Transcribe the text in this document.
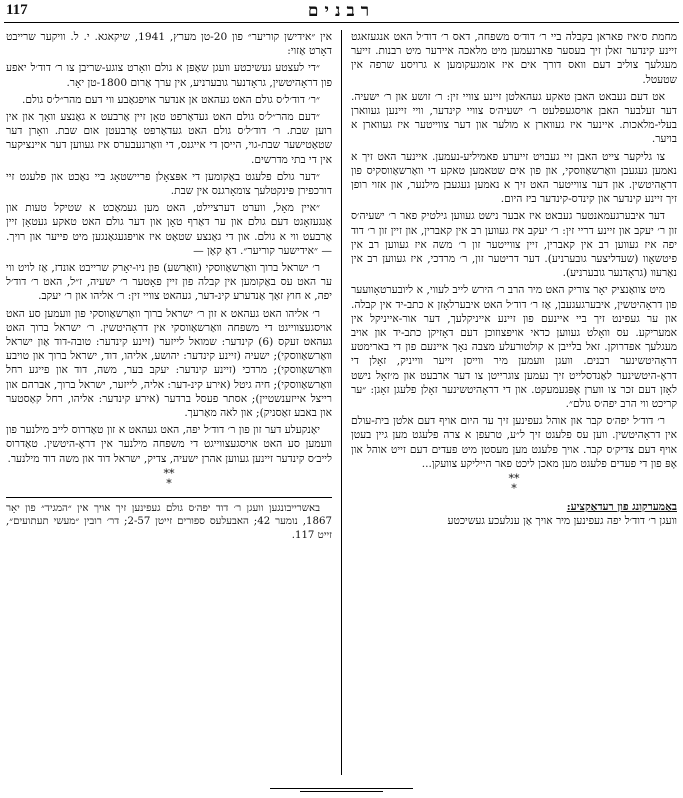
117	רבנים

מחמת ס׳איז פאראן בקבלה ביי ר׳ דוד׳ס משפחה, דאס ר׳ דוד׳ל האט אנגעזאגט זיינע קינדער זאלן זיך בעסער פארנעמען מיט מלאכה איידער מיט רבנות. זייער מעגלעך צוליב דעם וואס דורך אים איז אומגעקומען א גרויסע שרפה אין שטעטל.

אט דעם געבאט האבן טאקע געהאלטן זיינע צוויי זין: ר׳ זושע און ר׳ ישעיה. דער זעלבער האבן אויסגעפלעט ר׳ ישעיה׳ס צוויי קינדער, וויי זיינען געווארן בעלי-מלאכות. איינער איז געווארן א מולער און דער צווייטער איז געווארן א בויער.

צו גליקער צייט האבן זיי געבויט זייערע פאמיליע-נעמען. איינער האט זיך א נאמען געגעבן וואַרשאַווסקי, און פון אים שטאמען טאקע די וואַרשאַווסקיס פון דראָהיטשין. און דער צווייטער האט זיך א נאמען געגעבן מילנער, און אזוי רופן זיך זיינע קינדער און קינדס-קינדער ביז היום.

דער איבערגעמאנטער געבאט איז אבער נישט געווען גילטיק פאר ר׳ ישעיה׳ס זון ר׳ יעקב און זיינע דריי זין: ר׳ יעקב איז געווען רב אין קאברין, און זיין זון ר׳ דוד יפה איז געווען רב אין קאברין, זיין צווייטער זון ר׳ משה איז געווען רב אין פיטשאָוו (שעדליצער גובערניע). דער דריטער זון, ר׳ מרדכי, איז געווען רב אין נאַרעוו (גראָדנער גובערניע).

מיט צוואַנציק יאָר צוריק האט מיר הרב ר׳ הירש לייב לעווי, א ליובערטאָוועער פון דראָהיטשין, איבערגעגעבן, אַז ר׳ דוד׳ל האט איבערלאָזן א כתב-יד אין קבלה. און ער געפינט זיך ביי איינעם פון זיינע אייניקלעך, דער אור-אייניקל אין אמעריקע. עס וואָלט געווען כדאי אויפצוזוכן דעם דאָזיקן כתב-יד און אויב מעגלעך אפדרוקן. זאל בלייבן א קולטורעלע מצבה נאָך איינעם פון די בארימטע דראָהיטשינער רבנים. וועגן וועמען מיר ווייסן זייער ווייניק, זאָלן די דראָ-היטשינער לאַנדסלייט זיך נעמען צוגרייטן צו דער ארבעט און מ׳זאָל נישט לאָזן דעם זכר צו ווערן אָפּגעמעקט. און די דראָהיטשינער זאָלן פלעגן זאָגן: ״ער קריכט ווי הרב יפה׳ס גולם״.

ר׳ דוד׳ל יפה׳ס קבר און אוהל געפינען זיך עד היום אויף דעם אלטן בית-עולם אין דראָהיטשין. ווען עס פלעגט זיך ל״ע, טרעפן א צרה פלעגט מען גיין בעטן אויף דעם צדיק׳ס קבר. אויך פלעגט מען מעסטן מיט פעדים דעם זייט אוהל און אָפּ פון די פעדים פלעגט מען מאכן ליכט פאר הייליקע צוועקן...

**
*
באַמערקונג פון רעדאַקציע:

וועגן ר׳ דוד׳ל יפה געפינען מיר אויך אַן ענלעכע געשיכטע

אין ״אידישן קוריער״ פון 20-טן מערץ, 1941, שיקאגא. י. ל. וויקער שרייבט דאָרט אַזוי:

״די לעצטע געשיכטע וועגן שאַפן א גולם וואָרט צוגע-שריבן צו ר׳ דוד׳ל יאפע פון דראָהיטשין, גראָדנער גובערניע, אין ערך אַרום 1800-טן יאָר.

״ר׳ דוד׳ל׳ס גולם האט געהאט אן אנדער אויפגאַבע ווי דעם מהר״ל׳ס גולם.

״דעם מהר״ל׳ס גולם האט געדאַרפט טאָן זיין אַרבעט א גאַנצע וואָך און אין רוען שבת. ר׳ דוד׳ל׳ס גולם האט געדאַרפט אַרבעטן אום שבת. וואָרן דער שטאַטישער שבת-גוי, הייסן די אייגנס, די וואַרגעבערס איז געווען דער איינציקער אין די בתי מדרשים.

״דער גולם פלעגט באַקומען די אפּצאָלן פריישטאָג ביי נאַכט און פלעגט זיי דורכפירן פּינקטלעך צומאָרגנס אין שבת.

״איין מאָל, ווערט דערציילט, האט מען געמאַכט א שטיקל טעות און אַנגעזאָגט דעם גולם און ער דאַרף טאָן און דער גולם האט טאקע געטאָן זיין אַרבעט ווי א גולם. און די גאַנצע שטאַט איז אויפגעגאַנגען מיט פייער און רויך. — ״אידישער קוריער״. דאָ קאַן —

ר׳ ישראל ברוך וואַרשאַווסקי (וואַרשע) פון ניו-יאָרק שרייבט אונדז, אַז לויט ווי ער האט עס באַקומען אין קבלה פון זיין פאָטער ר׳ ישעיה, ז״ל, האט ר׳ דוד׳ל יפה, א חוץ זאַך אַנדערע קינ-דער, געהאט צוויי זין: ר׳ אליהו און ר׳ יעקב.

ר׳ אליהו האט געהאט א זון ר׳ ישראל ברוך וואַרשאַווסקי פון וועמען סע האט אויסגעצווייגט די משפחה וואַרשאַווסקי אין דראָהיטשין. ר׳ ישראל ברוך האט געהאט זעקס (6) קינדער: שמואל לייזער (זיינע קינדער: טובה-דוד אַון ישראל וואַרשאַווסקי); ישעיה (זיינע קינדער: יהושע, אליהו, דוד, ישראל ברוך און טויבע וואַרשאַווסקי); מרדכי (זיינע קינדער: יעקב בער, משה, דוד און פייגע רחל וואַרשאַווסקי); חיה גיטל (אירע קינ-דער: אליה, לייזער, ישראל ברוך, אברהם און רייצל אייזענשטיין); אסתר פעסל ברדער (אירע קינדער: אליהו, רחל קאַסטער און באבע זאַסניק); און לאה מאַרעך.

יאַנקעלע דער זון פון ר׳ דוד׳ל יפה, האט געהאט א זון טאַדרוס לייב מילנער פון וועמען סע האט אויסגעצווייגט די משפחה מילנער אין דראָ-היטשין. טאַדרוס לייב׳ס קינדער זיינען געווען אהרן ישעיה, צדיק, ישראל דוד און משה דוד מילנער.

**
*

באשרייבונגען וועגן ר׳ דוד יפה׳ס גולם געפינען זיך אויך אין ״המגיד״ פון יאָר 1867, נומער 42; האבעלעס ספורים זייטן 2-57; דר׳ רובין ״מעשי תעתועים״, זייט 117.
